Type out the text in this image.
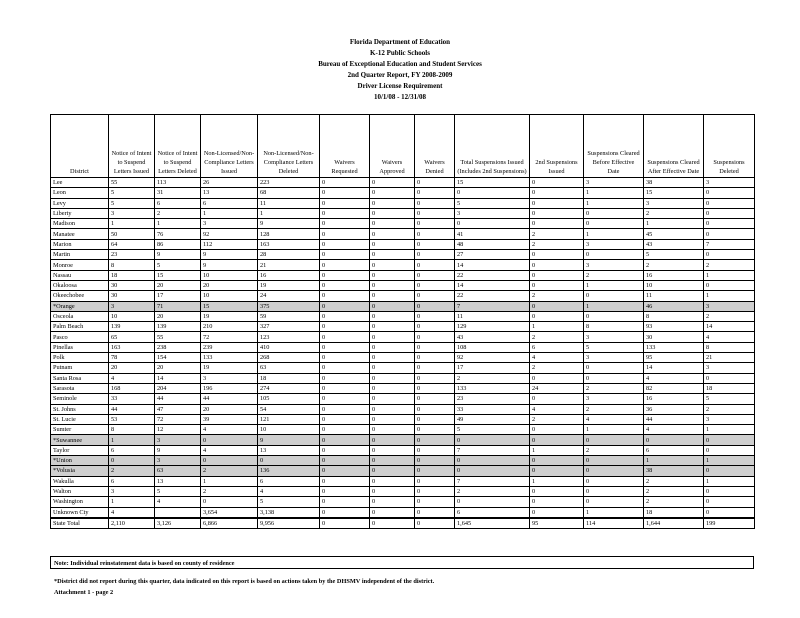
Florida Department of Education
K-12 Public Schools
Bureau of Exceptional Education and Student Services
2nd Quarter Report, FY 2008-2009
Driver License Requirement
10/1/08 - 12/31/08
District	Notice of Intent to Suspend Letters Issued	Notice of Intent to Suspend Letters Deleted	Non-Licensed/Non-Compliance Letters Issued	Non-Licensed/Non-Compliance Letters Deleted	Waivers Requested	Waivers Approved	Waivers Denied	Total Suspensions Issued (Includes 2nd Suspensions)	2nd Suspensions Issued	Suspensions Cleared Before Effective Date	Suspensions Cleared After Effective Date	Suspensions Deleted
Lee	55	113	26	223	0	0	0	15	0	3	38	3
Leon	5	31	13	68	0	0	0	0	0	1	15	0
Levy	5	6	6	11	0	0	0	5	0	1	3	0
Liberty	3	2	1	1	0	0	0	3	0	0	2	0
Madison	1	1	3	9	0	0	0	0	0	0	1	0
Manatee	50	76	92	128	0	0	0	41	2	1	45	0
Marion	64	86	112	163	0	0	0	48	2	3	43	7
Martin	23	9	9	28	0	0	0	27	0	0	5	0
Monroe	8	5	9	21	0	0	0	14	0	3	2	2
Nassau	18	15	10	16	0	0	0	22	0	2	16	1
Okaloosa	30	20	20	19	0	0	0	14	0	1	10	0
Okeechobee	30	17	10	24	0	0	0	22	2	0	11	1
*Orange	3	71	15	375	0	0	0	7	0	1	46	3
Osceola	10	20	19	59	0	0	0	11	0	0	8	2
Palm Beach	139	139	210	327	0	0	0	129	1	8	93	14
Pasco	65	55	72	123	0	0	0	43	2	3	30	4
Pinellas	163	238	239	410	0	0	0	108	6	5	133	8
Polk	78	154	133	268	0	0	0	92	4	3	95	21
Putnam	20	20	19	63	0	0	0	17	2	0	14	3
Santa Rosa	4	14	3	18	0	0	0	2	0	0	4	0
Sarasota	168	204	196	274	0	0	0	133	24	2	82	18
Seminole	33	44	44	105	0	0	0	23	0	3	16	5
St. Johns	44	47	20	54	0	0	0	33	4	2	36	2
St. Lucie	53	72	39	121	0	0	0	49	2	4	44	3
Sumter	8	12	4	10	0	0	0	5	0	1	4	1
*Suwannee	1	3	0	9	0	0	0	0	0	0	0	0
Taylor	6	9	4	13	0	0	0	7	1	2	6	0
*Union	0	3	0	0	0	0	0	0	0	0	1	1
*Volusia	2	63	2	136	0	0	0	0	0	0	38	0
Wakulla	6	13	1	6	0	0	0	7	1	0	2	1
Walton	3	5	2	4	0	0	0	2	0	0	2	0
Washington	1	4	0	5	0	0	0	0	0	0	2	0
Unknown Cty	4		3,654	3,138	0	0	0	6	0	1	18	0
State Total	2,110	3,126	6,866	9,956	0	0	0	1,645	95	114	1,644	199
Note: Individual reinstatement data is based on county of residence
*District did not report during this quarter, data indicated on this report is based on actions taken by the DHSMV independent of the district.
Attachment 1 - page 2
